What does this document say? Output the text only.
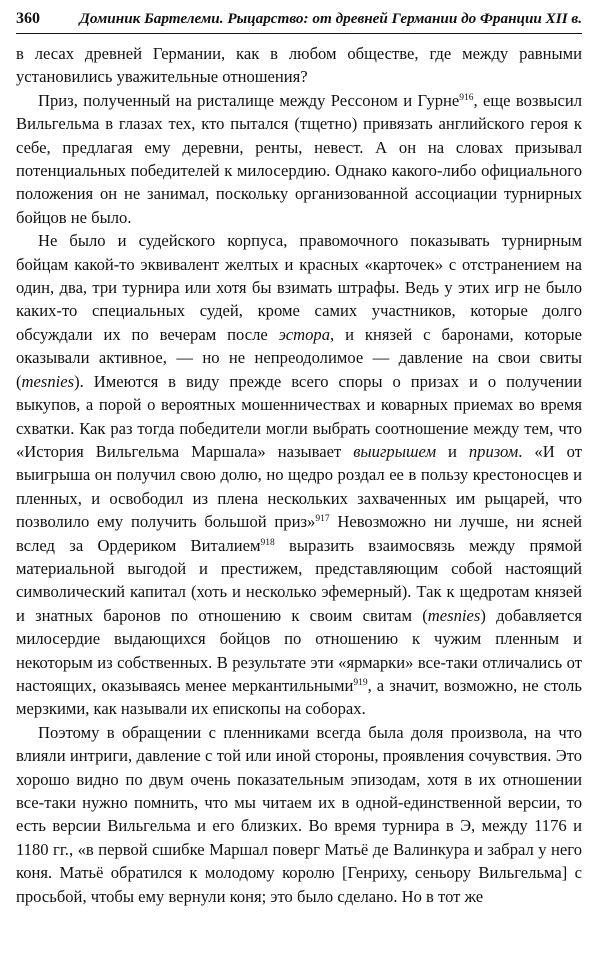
360	Доминик Бартелеми. Рыцарство: от древней Германии до Франции XII в.

в лесах древней Германии, как в любом обществе, где между равными установились уважительные отношения?

Приз, полученный на ристалище между Рессоном и Гурне$^{916}$, еще возвысил Вильгельма в глазах тех, кто пытался (тщетно) привязать английского героя к себе, предлагая ему деревни, ренты, невест. А он на словах призывал потенциальных победителей к милосердию. Однако какого-либо официального положения он не занимал, поскольку организованной ассоциации турнирных бойцов не было.

Не было и судейского корпуса, правомочного показывать турнирным бойцам какой-то эквивалент желтых и красных «карточек» с отстранением на один, два, три турнира или хотя бы взимать штрафы. Ведь у этих игр не было каких-то специальных судей, кроме самих участников, которые долго обсуждали их по вечерам после эстора, и князей с баронами, которые оказывали активное, — но не непреодолимое — давление на свои свиты (mesnies). Имеются в виду прежде всего споры о призах и о получении выкупов, а порой о вероятных мошенничествах и коварных приемах во время схватки. Как раз тогда победители могли выбрать соотношение между тем, что «История Вильгельма Маршала» называет выигрышем и призом. «И от выигрыша он получил свою долю, но щедро роздал ее в пользу крестоносцев и пленных, и освободил из плена нескольких захваченных им рыцарей, что позволило ему получить большой приз»$^{917}$ Невозможно ни лучше, ни ясней вслед за Ордериком Виталием$^{918}$ выразить взаимосвязь между прямой материальной выгодой и престижем, представляющим собой настоящий символический капитал (хоть и несколько эфемерный). Так к щедротам князей и знатных баронов по отношению к своим свитам (mesnies) добавляется милосердие выдающихся бойцов по отношению к чужим пленным и некоторым из собственных. В результате эти «ярмарки» все-таки отличались от настоящих, оказываясь менее меркантильными$^{919}$, а значит, возможно, не столь мерзкими, как называли их епископы на соборах.

Поэтому в обращении с пленниками всегда была доля произвола, на что влияли интриги, давление с той или иной стороны, проявления сочувствия. Это хорошо видно по двум очень показательным эпизодам, хотя в их отношении все-таки нужно помнить, что мы читаем их в одной-единственной версии, то есть версии Вильгельма и его близких. Во время турнира в Э, между 1176 и 1180 гг., «в первой сшибке Маршал поверг Матьё де Валинкура и забрал у него коня. Матьё обратился к молодому королю [Генриху, сеньору Вильгельма] с просьбой, чтобы ему вернули коня; это было сделано. Но в тот же
